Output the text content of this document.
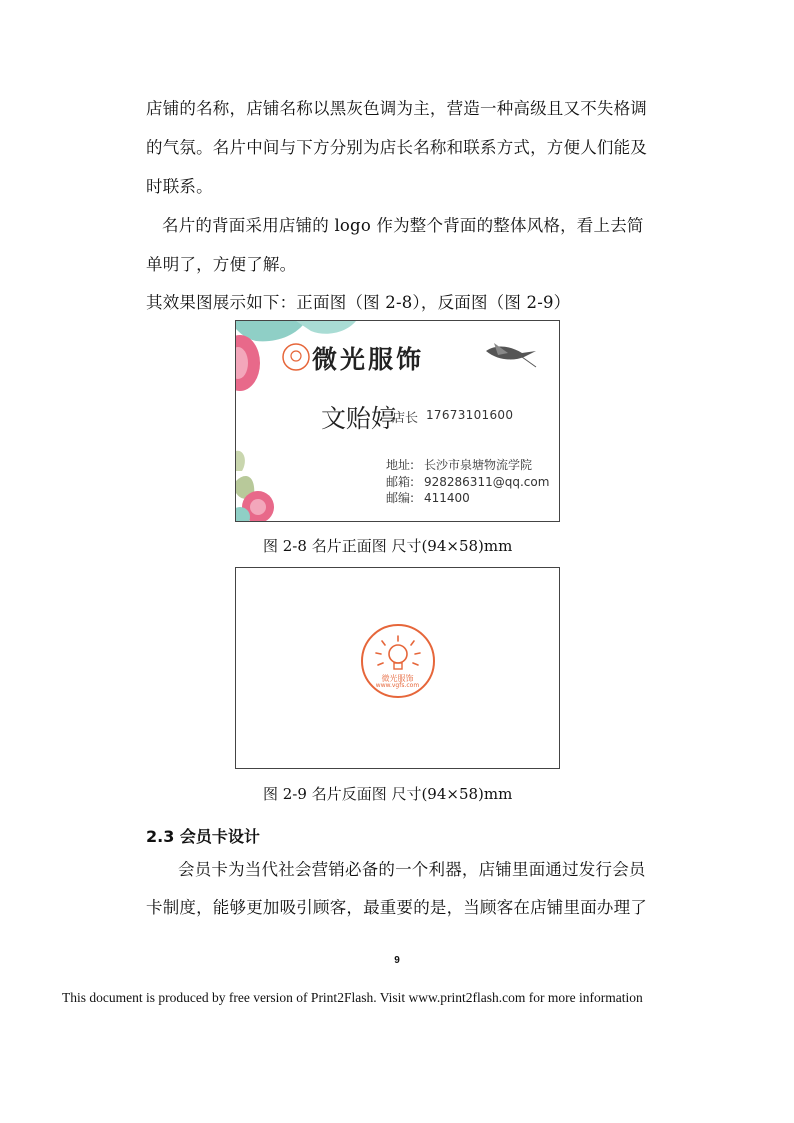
店铺的名称，店铺名称以黑灰色调为主，营造一种高级且又不失格调
的气氛。名片中间与下方分别为店长名称和联系方式，方便人们能及
时联系。
名片的背面采用店铺的 logo 作为整个背面的整体风格，看上去简
单明了，方便了解。
其效果图展示如下：正面图（图 2-8），反面图（图 2-9）
微光服饰
文贻婷
店长 17673101600
地址: 长沙市泉塘物流学院
邮箱: 928286311@qq.com
邮编: 411400
图 2-8 名片正面图 尺寸(94×58)mm
微光服饰
www.vgfs.com
图 2-9 名片反面图 尺寸(94×58)mm
2.3 会员卡设计
会员卡为当代社会营销必备的一个利器，店铺里面通过发行会员
卡制度，能够更加吸引顾客，最重要的是，当顾客在店铺里面办理了
9
This document is produced by free version of Print2Flash. Visit www.print2flash.com for more information
